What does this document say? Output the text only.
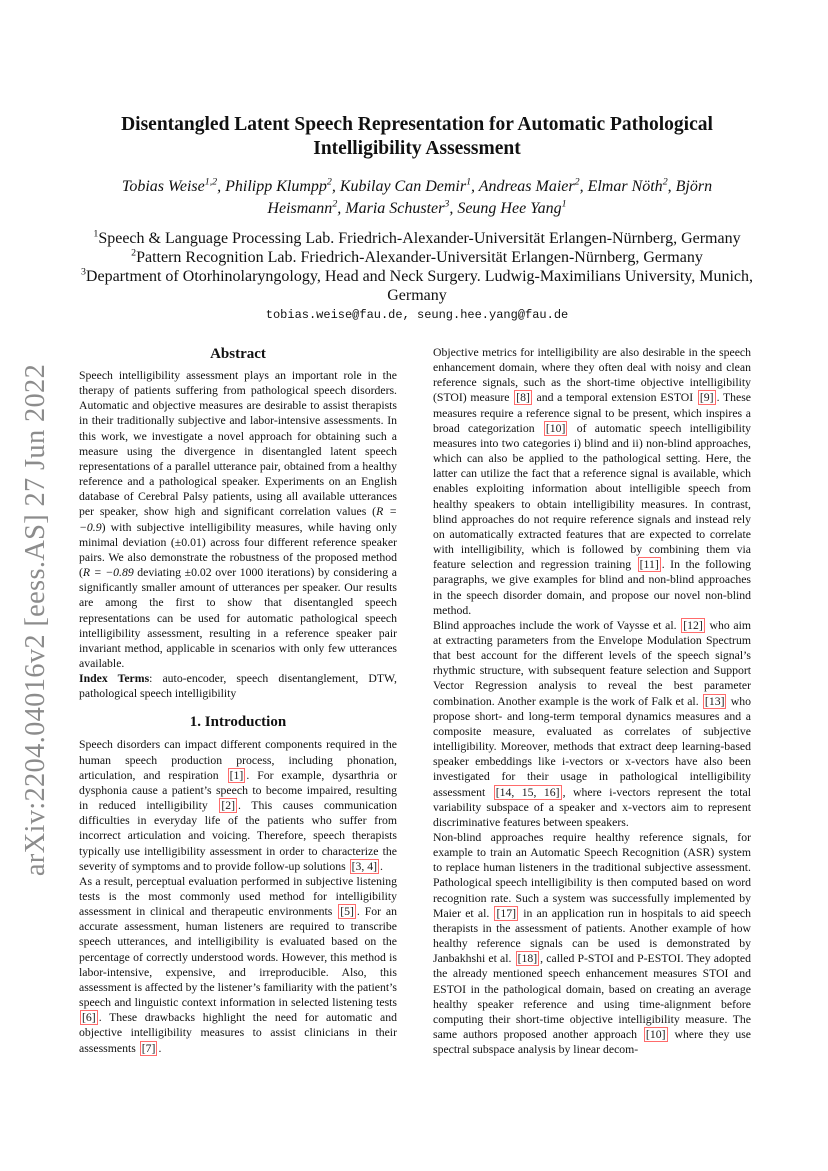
arXiv:2204.04016v2 [eess.AS] 27 Jun 2022
Disentangled Latent Speech Representation for Automatic Pathological Intelligibility Assessment
Tobias Weise$^{1,2}$, Philipp Klumpp$^2$, Kubilay Can Demir$^1$, Andreas Maier$^2$, Elmar Nöth$^2$, Björn Heismann$^2$, Maria Schuster$^3$, Seung Hee Yang$^1$
$^1$Speech & Language Processing Lab. Friedrich-Alexander-Universität Erlangen-Nürnberg, Germany
$^2$Pattern Recognition Lab. Friedrich-Alexander-Universität Erlangen-Nürnberg, Germany
$^3$Department of Otorhinolaryngology, Head and Neck Surgery. Ludwig-Maximilians University, Munich, Germany
tobias.weise@fau.de, seung.hee.yang@fau.de
Abstract

Speech intelligibility assessment plays an important role in the therapy of patients suffering from pathological speech disorders. Automatic and objective measures are desirable to assist therapists in their traditionally subjective and labor-intensive assessments. In this work, we investigate a novel approach for obtaining such a measure using the divergence in disentangled latent speech representations of a parallel utterance pair, obtained from a healthy reference and a pathological speaker. Experiments on an English database of Cerebral Palsy patients, using all available utterances per speaker, show high and significant correlation values (R = −0.9) with subjective intelligibility measures, while having only minimal deviation (±0.01) across four different reference speaker pairs. We also demonstrate the robustness of the proposed method (R = −0.89 deviating ±0.02 over 1000 iterations) by considering a significantly smaller amount of utterances per speaker. Our results are among the first to show that disentangled speech representations can be used for automatic pathological speech intelligibility assessment, resulting in a reference speaker pair invariant method, applicable in scenarios with only few utterances available.

Index Terms: auto-encoder, speech disentanglement, DTW, pathological speech intelligibility

1. Introduction

Speech disorders can impact different components required in the human speech production process, including phonation, articulation, and respiration [1] . For example, dysarthria or dysphonia cause a patient’s speech to become impaired, resulting in reduced intelligibility [2] . This causes communication difficulties in everyday life of the patients who suffer from incorrect articulation and voicing. Therefore, speech therapists typically use intelligibility assessment in order to characterize the severity of symptoms and to provide follow-up solutions [3, 4] .

As a result, perceptual evaluation performed in subjective listening tests is the most commonly used method for intelligibility assessment in clinical and therapeutic environments [5] . For an accurate assessment, human listeners are required to transcribe speech utterances, and intelligibility is evaluated based on the percentage of correctly understood words. However, this method is labor-intensive, expensive, and irreproducible. Also, this assessment is affected by the listener’s familiarity with the patient’s speech and linguistic context information in selected listening tests [6] . These drawbacks highlight the need for automatic and objective intelligibility measures to assist clinicians in their assessments [7] .

Objective metrics for intelligibility are also desirable in the speech enhancement domain, where they often deal with noisy and clean reference signals, such as the short-time objective intelligibility (STOI) measure [8] and a temporal extension ESTOI [9] . These measures require a reference signal to be present, which inspires a broad categorization [10] of automatic speech intelligibility measures into two categories i) blind and ii) non-blind approaches, which can also be applied to the pathological setting. Here, the latter can utilize the fact that a reference signal is available, which enables exploiting information about intelligible speech from healthy speakers to obtain intelligibility measures. In contrast, blind approaches do not require reference signals and instead rely on automatically extracted features that are expected to correlate with intelligibility, which is followed by combining them via feature selection and regression training [11] . In the following paragraphs, we give examples for blind and non-blind approaches in the speech disorder domain, and propose our novel non-blind method.

Blind approaches include the work of Vaysse et al. [12] who aim at extracting parameters from the Envelope Modulation Spectrum that best account for the different levels of the speech signal’s rhythmic structure, with subsequent feature selection and Support Vector Regression analysis to reveal the best parameter combination. Another example is the work of Falk et al. [13] who propose short- and long-term temporal dynamics measures and a composite measure, evaluated as correlates of subjective intelligibility. Moreover, methods that extract deep learning-based speaker embeddings like i-vectors or x-vectors have also been investigated for their usage in pathological intelligibility assessment [14, 15, 16] , where i-vectors represent the total variability subspace of a speaker and x-vectors aim to represent discriminative features between speakers.

Non-blind approaches require healthy reference signals, for example to train an Automatic Speech Recognition (ASR) system to replace human listeners in the traditional subjective assessment. Pathological speech intelligibility is then computed based on word recognition rate. Such a system was successfully implemented by Maier et al. [17] in an application run in hospitals to aid speech therapists in the assessment of patients. Another example of how healthy reference signals can be used is demonstrated by Janbakhshi et al. [18] , called P-STOI and P-ESTOI. They adopted the already mentioned speech enhancement measures STOI and ESTOI in the pathological domain, based on creating an average healthy speaker reference and using time-alignment before computing their short-time objective intelligibility measure. The same authors proposed another approach [10] where they use spectral subspace analysis by linear decom-
